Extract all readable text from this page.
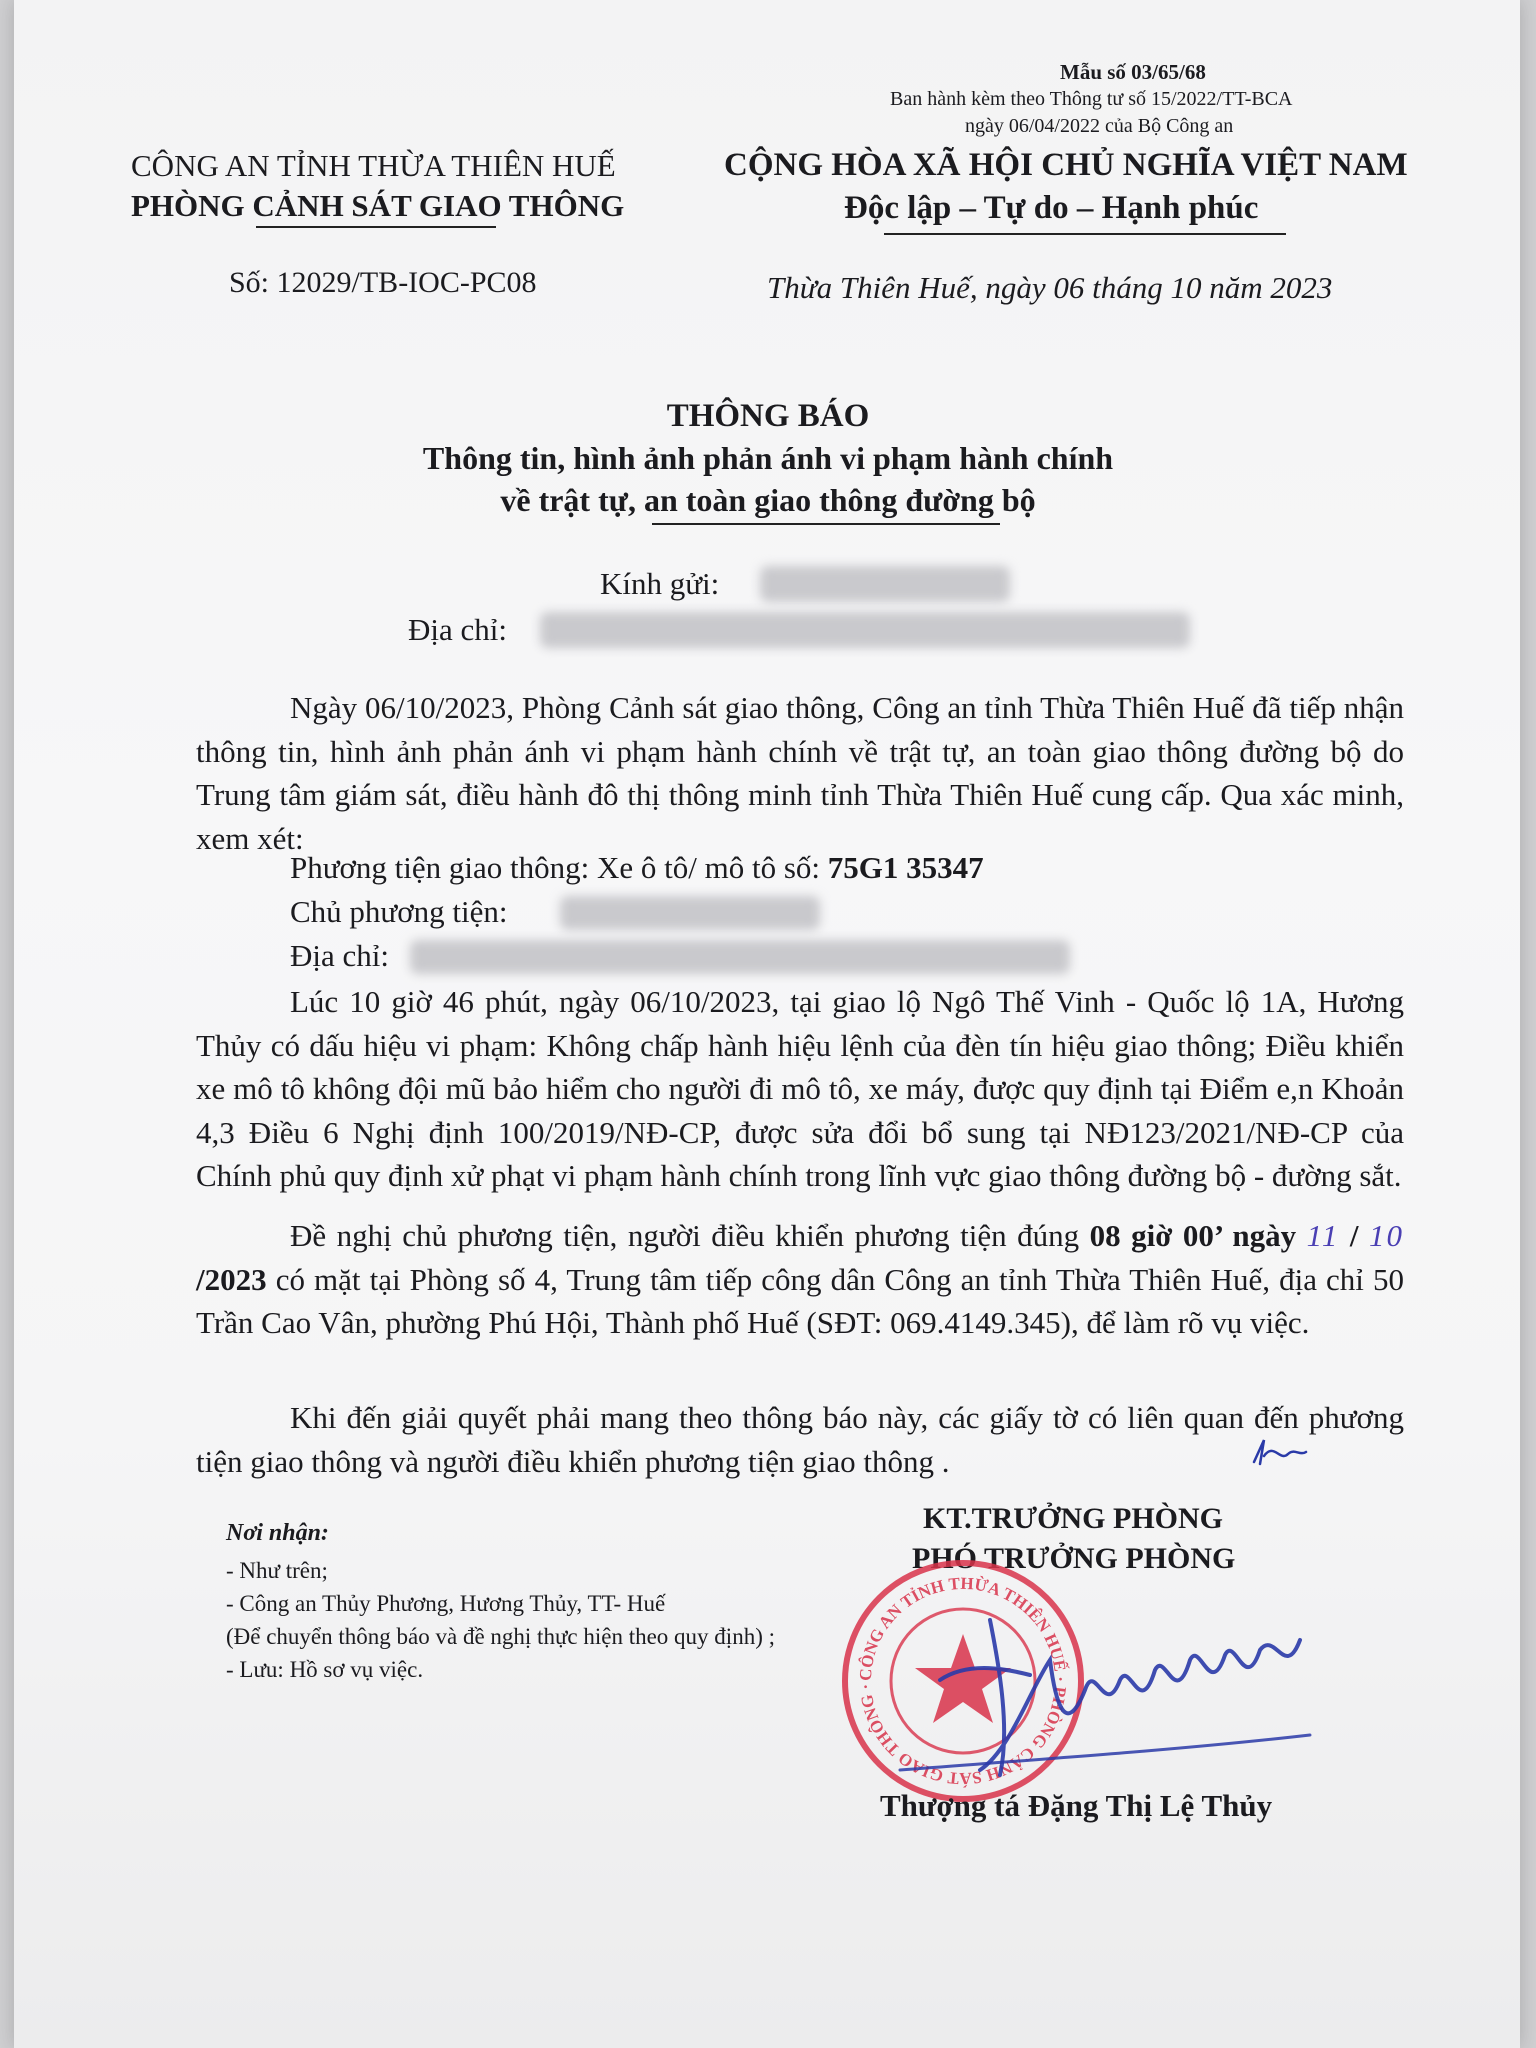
Mẫu số 03/65/68
Ban hành kèm theo Thông tư số 15/2022/TT-BCA
ngày 06/04/2022 của Bộ Công an
CÔNG AN TỈNH THỪA THIÊN HUẾ
PHÒNG CẢNH SÁT GIAO THÔNG
CỘNG HÒA XÃ HỘI CHỦ NGHĨA VIỆT NAM
Độc lập – Tự do – Hạnh phúc
Số: 12029/TB-IOC-PC08	Thừa Thiên Huế, ngày 06 tháng 10 năm 2023
THÔNG BÁO
Thông tin, hình ảnh phản ánh vi phạm hành chính
về trật tự, an toàn giao thông đường bộ
Kính gửi:
Địa chỉ:
Ngày 06/10/2023, Phòng Cảnh sát giao thông, Công an tỉnh Thừa Thiên Huế đã tiếp nhận thông tin, hình ảnh phản ánh vi phạm hành chính về trật tự, an toàn giao thông đường bộ do Trung tâm giám sát, điều hành đô thị thông minh tỉnh Thừa Thiên Huế cung cấp. Qua xác minh, xem xét:
Phương tiện giao thông: Xe ô tô/ mô tô số: 75G1 35347
Chủ phương tiện:
Địa chỉ:
Lúc 10 giờ 46 phút, ngày 06/10/2023, tại giao lộ Ngô Thế Vinh - Quốc lộ 1A, Hương Thủy có dấu hiệu vi phạm: Không chấp hành hiệu lệnh của đèn tín hiệu giao thông; Điều khiển xe mô tô không đội mũ bảo hiểm cho người đi mô tô, xe máy, được quy định tại Điểm e,n Khoản 4,3 Điều 6 Nghị định 100/2019/NĐ-CP, được sửa đổi bổ sung tại NĐ123/2021/NĐ-CP của Chính phủ quy định xử phạt vi phạm hành chính trong lĩnh vực giao thông đường bộ - đường sắt.
Đề nghị chủ phương tiện, người điều khiển phương tiện đúng 08 giờ 00’ ngày 11 / 10 /2023 có mặt tại Phòng số 4, Trung tâm tiếp công dân Công an tỉnh Thừa Thiên Huế, địa chỉ 50 Trần Cao Vân, phường Phú Hội, Thành phố Huế (SĐT: 069.4149.345), để làm rõ vụ việc.
Khi đến giải quyết phải mang theo thông báo này, các giấy tờ có liên quan đến phương tiện giao thông và người điều khiển phương tiện giao thông .
Nơi nhận:
- Như trên;
- Công an Thủy Phương, Hương Thủy, TT- Huế
(Để chuyển thông báo và đề nghị thực hiện theo quy định) ;
- Lưu: Hồ sơ vụ việc.
KT.TRƯỞNG PHÒNG
PHÓ TRƯỞNG PHÒNG
CÔNG AN TỈNH THỪA THIÊN HUẾ · PHÒNG CẢNH SÁT GIAO THÔNG ·
Thượng tá Đặng Thị Lệ Thủy
